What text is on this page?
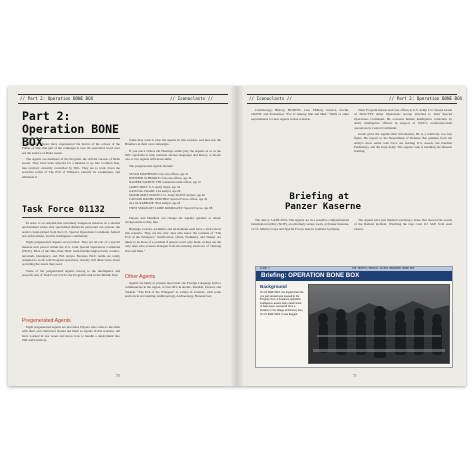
// Part 2: Operation BONE BOX	// Iconoclasts //
Part 2:
Operation BONE BOX

Once the players have experienced the horror of the echoes of the Father of War, that part of the campaign is over. Its operatives won't ever see the surface of Delta Green.

The Agents are members of the Program, the official version of Delta Green. They have been selected for a mission to go into northern Iraq, into territory currently controlled by ISIL. They are to track down the secretive writer of The Evil of Whispers, identify its weaknesses, and eliminate it.

Task Force 01132

In order to accomplish this extremely dangerous mission, in a snarled environment where only specialized American personnel can operate, the team is hand-picked from the U.S. Special Operations Command, federal law enforcement, and the intelligence community.

Eight pregenerated Agents are provided. They are all part of a special mission unit placed within the U.S. Joint Special Operations Command (JSOC). Most of the time, their JSOC team handles high-priority counter-terrorism, insurgency, and ISIL targets. Because JSOC teams are rarely assigned to work with Program operatives, nobody will think twice about providing the assets they need.

Some of the pregenerated Agents belong to the intelligence and research arm of Task Force 01132, the Program's unit in the Middle East.

Pregenerated Agents

Eight pregenerated Agents are provided. Players who come to the table with their own characters should use them as Agents in this scenario. All have worked in war zones and know how to handle a deployment into ISIL-held territory.

Some may wish to play the Agents in this scenario and then use the Handlers in their own campaigns.

If you place videos On Hastings, either play the Agents as or as the NPC specialist to help translate ancient languages and history or invent one or two Agents with those skills.

The pregenerated Agents include:

SUSAN MATHESON: CIA case officer, age 41
JENNIFER SCHMIDLE: CIA case officer, age 36
NADEER SADEDY: FBI counterterrorism officer, age 37
JAMES HOLT: U.S. Army major, age 34
GAVIN AL-HAADI: CIA analyst, age 29
MAJOR MATT EDSON: U.S. Army SIGINT analyst, age 40
CAPTAIN DANIEL PERCHEZ: Special Forces officer, age 35
ALI AL RABBANI: NSA analyst, age 26
FIRST SERGEANT JAMIE RODRIGUEZ: Special Forces, age 38

Players and Handlers can change the Agents' genders or ethnic backgrounds as they like.

Hastings, Leachy, Al-Rabbi, and Al-Rabbani each have a vital role in this scenario. They are the only ones who know the contents of "The Evil of the Whispers," Justification, Olson, Fudikiery, and Weiner are likely to be more of a problem if players won't play them, as they are the only ones who possess dialogue from the missing survivors of "Among Jinn and Men."

Other Agents

Agents are likely to possess more than one Foreign Language skill to communicate in the region, or four 40% in Arabic, Kurdish, Persian, and Turkish. "The Evil of the Whispers" is written in Aramaic, with some portions in Accounting, Anthropology, Archaeology, Bureaucracy.

70
// Iconoclasts //	// Part 2: Operation BONE BOX

Criminology, History, HUMINT, Law, Military Science, Occult, SIGINT, and Persuasion. "For it: Among Jinn and Men." Skills or other requirements for new Agents in that scenario.

Their Program liaison and case officer is U.S. Army Col. Steven Gresh of JSOC/TF4 Army Operations Group, attached to Joint Special Operations Command. He oversees human intelligence collection by Army intelligence officers in support of JSOC's counterterrorism operations in Central Command.

Gresh gives the Agents their information. He is a relatively low key figure. He reports to the Department of Defense that gunmen from the Army's most senior task force are holding U.S. Assets, the Kurdish Peshmerga, and the Iraqi Army. The Agents' task is handling the mission briefing.

Briefing at
Panzer Kaserne

The date is 5 APR 2016. The Agents are in a sensitive compartmented information facility (SCIF), an extremely secure room, at Panzer Kaserne, a U.S. Marine Corps and Special Forces base in southern Germany.

The Agents have just finished watching a video that showed the events of the Ramazi incident. Watching the tape costs 0/1 SAN from each viewer.

SLIDE 1	TOP SECRET//SPECIAL ACCESS REQUIRED//BONE BOX
Briefing: OPERATION BONE BOX
Background
On 21 MAR 2016, the digital video file you just viewed was passed to the Program from a freelance specialist intelligence assets team determined to have been recovered from a location in the village of Ramazi, Iraq. On 27 MAR 2016, it was flagged
71
